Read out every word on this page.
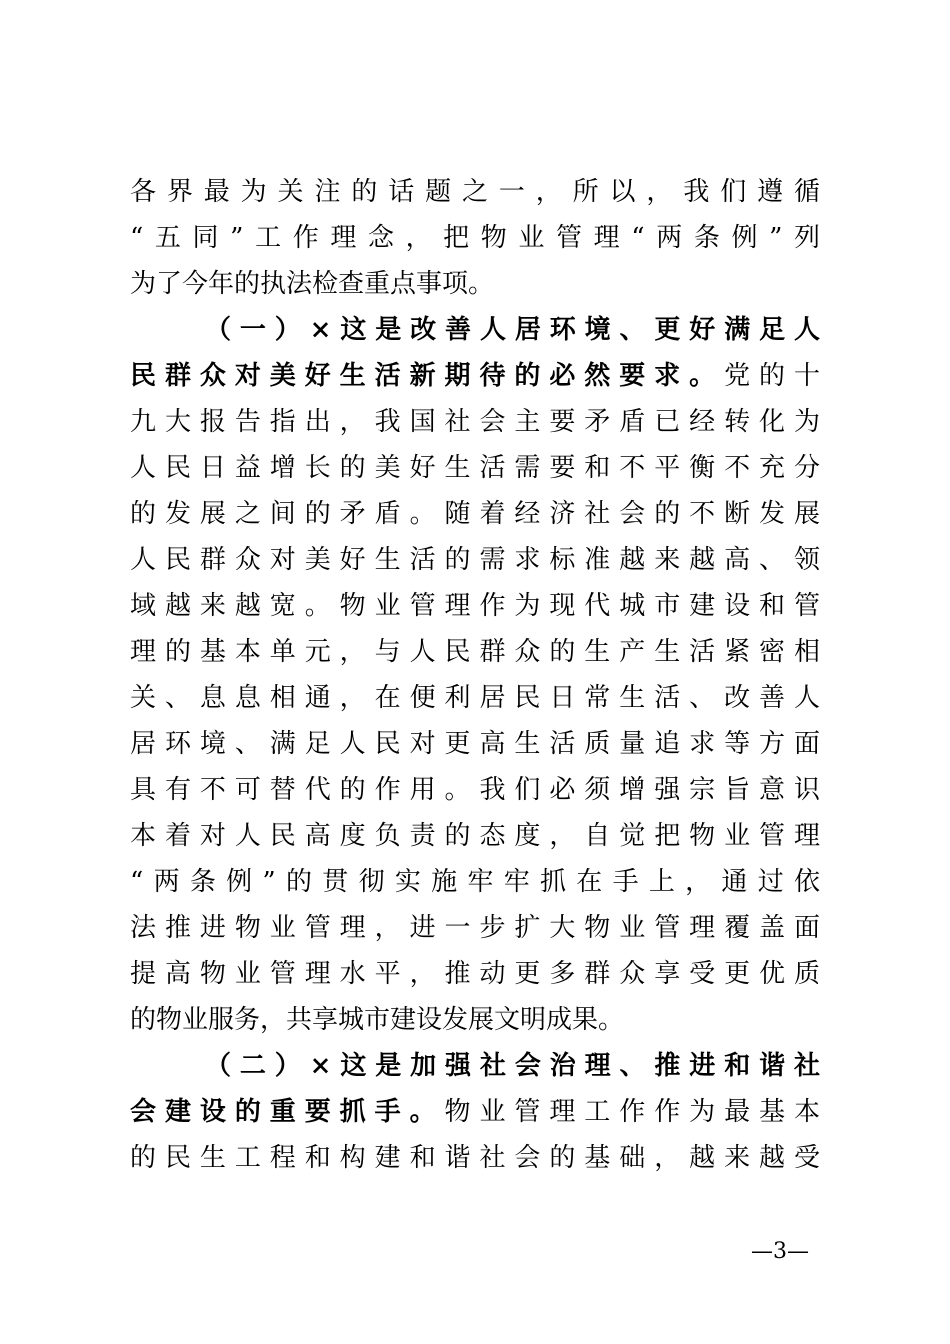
各界最为关注的话题之一，所以，我们遵循
“五同”工作理念，把物业管理“两条例”列
为了今年的执法检查重点事项。
（一）×这是改善人居环境、更好满足人
民群众对美好生活新期待的必然要求。党的十
九大报告指出，我国社会主要矛盾已经转化为
人民日益增长的美好生活需要和不平衡不充分
的发展之间的矛盾。随着经济社会的不断发展
人民群众对美好生活的需求标准越来越高、领
域越来越宽。物业管理作为现代城市建设和管
理的基本单元，与人民群众的生产生活紧密相
关、息息相通，在便利居民日常生活、改善人
居环境、满足人民对更高生活质量追求等方面
具有不可替代的作用。我们必须增强宗旨意识
本着对人民高度负责的态度，自觉把物业管理
“两条例”的贯彻实施牢牢抓在手上，通过依
法推进物业管理，进一步扩大物业管理覆盖面
提高物业管理水平，推动更多群众享受更优质
的物业服务，共享城市建设发展文明成果。
（二）×这是加强社会治理、推进和谐社
会建设的重要抓手。物业管理工作作为最基本
的民生工程和构建和谐社会的基础，越来越受
—3—
